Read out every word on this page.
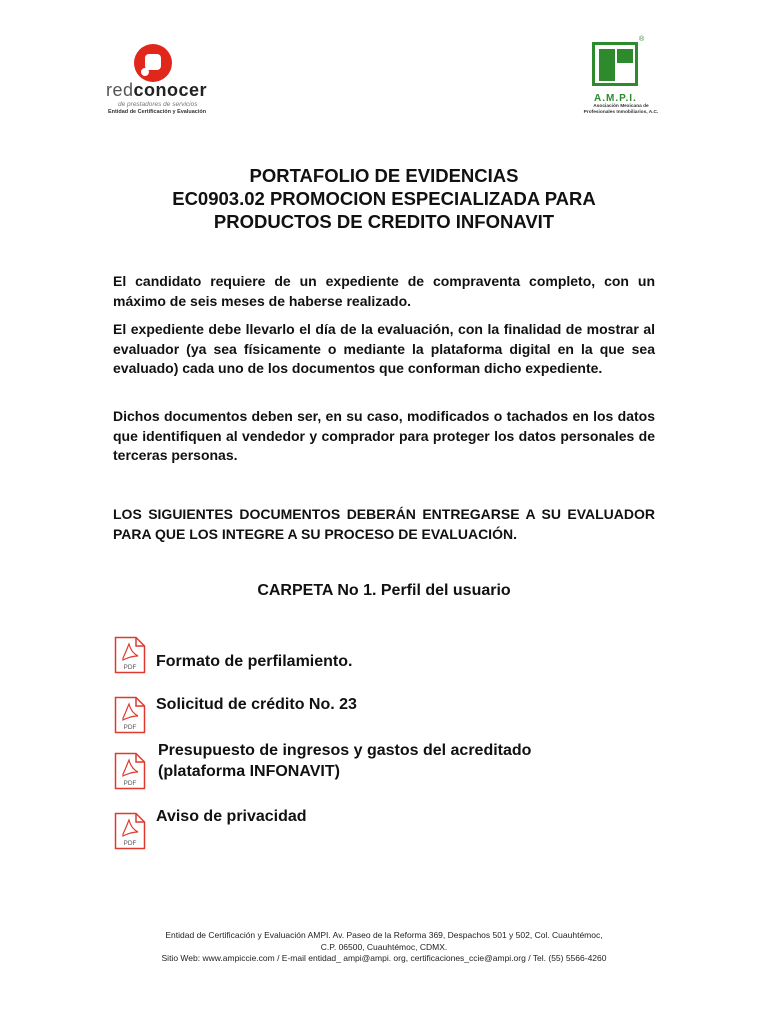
redconocer
de prestadores de servicios
Entidad de Certificación y Evaluación
®
A.M.P.I.
Asociación Mexicana de
Profesionales Inmobiliarios, A.C.
PORTAFOLIO DE EVIDENCIAS
EC0903.02 PROMOCION ESPECIALIZADA PARA
PRODUCTOS DE CREDITO INFONAVIT

El candidato requiere de un expediente de compraventa completo, con un máximo de seis meses de haberse realizado.

El expediente debe llevarlo el día de la evaluación, con la finalidad de mostrar al evaluador (ya sea físicamente o mediante la plataforma digital en la que sea evaluado) cada uno de los documentos que conforman dicho expediente.

Dichos documentos deben ser, en su caso, modificados o tachados en los datos que identifiquen al vendedor y comprador para proteger los datos personales de terceras personas.

LOS SIGUIENTES DOCUMENTOS DEBERÁN ENTREGARSE A SU EVALUADOR PARA QUE LOS INTEGRE A SU PROCESO DE EVALUACIÓN.

CARPETA No 1. Perfil del usuario
PDF Formato de perfilamiento.
PDF
Solicitud de crédito No. 23
PDF
Presupuesto de ingresos y gastos del acreditado
(plataforma INFONAVIT)
PDF
Aviso de privacidad
Entidad de Certificación y Evaluación AMPI. Av. Paseo de la Reforma 369, Despachos 501 y 502, Col. Cuauhtémoc,
C.P. 06500, Cuauhtémoc, CDMX.
Sitio Web: www.ampiccie.com / E-mail entidad_ ampi@ampi. org, certificaciones_ccie@ampi.org / Tel. (55) 5566-4260
